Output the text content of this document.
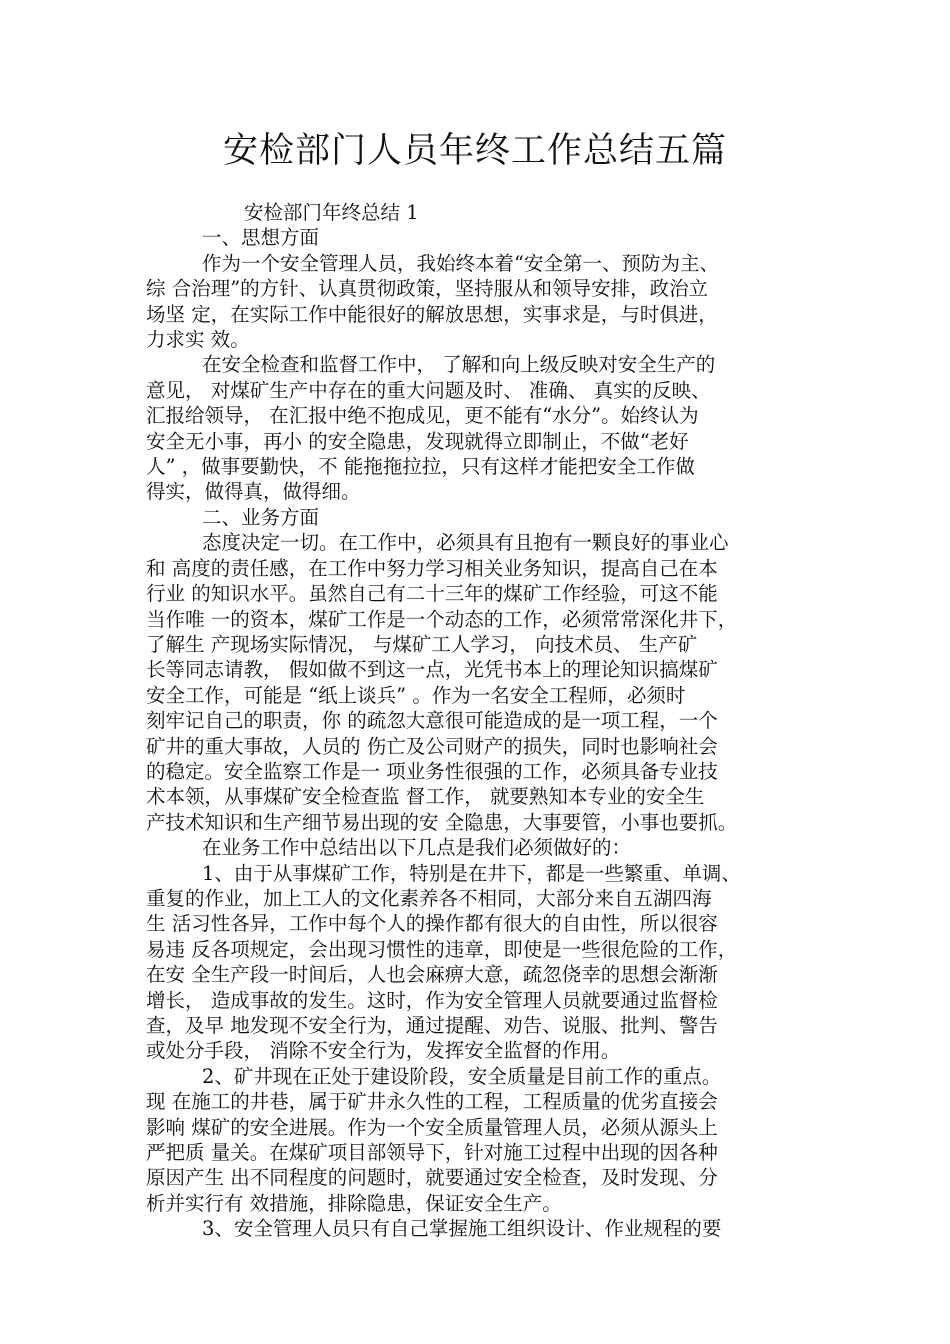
安检部门人员年终工作总结五篇

安检部门年终总结 1

一、思想方面

作为一个安全管理人员，我始终本着“安全第一、预防为主、

综 合治理”的方针、认真贯彻政策，坚持服从和领导安排，政治立

场坚 定，在实际工作中能很好的解放思想，实事求是，与时俱进，

力求实 效。

在安全检查和监督工作中， 了解和向上级反映对安全生产的

意见， 对煤矿生产中存在的重大问题及时、 准确、 真实的反映、

汇报给领导， 在汇报中绝不抱成见，更不能有“水分”。始终认为

安全无小事，再小 的安全隐患，发现就得立即制止，不做“老好

人” ，做事要勤快，不 能拖拖拉拉，只有这样才能把安全工作做

得实，做得真，做得细。

二、业务方面

态度决定一切。在工作中，必须具有且抱有一颗良好的事业心

和 高度的责任感，在工作中努力学习相关业务知识，提高自己在本

行业 的知识水平。虽然自己有二十三年的煤矿工作经验，可这不能

当作唯 一的资本，煤矿工作是一个动态的工作，必须常常深化井下，

了解生 产现场实际情况， 与煤矿工人学习， 向技术员、 生产矿

长等同志请教， 假如做不到这一点，光凭书本上的理论知识搞煤矿

安全工作，可能是 “纸上谈兵” 。作为一名安全工程师，必须时

刻牢记自己的职责，你 的疏忽大意很可能造成的是一项工程，一个

矿井的重大事故，人员的 伤亡及公司财产的损失，同时也影响社会

的稳定。安全监察工作是一 项业务性很强的工作，必须具备专业技

术本领，从事煤矿安全检查监 督工作， 就要熟知本专业的安全生

产技术知识和生产细节易出现的安 全隐患，大事要管，小事也要抓。

在业务工作中总结出以下几点是我们必须做好的：

1、由于从事煤矿工作，特别是在井下，都是一些繁重、单调、

重复的作业，加上工人的文化素养各不相同，大部分来自五湖四海

生 活习性各异，工作中每个人的操作都有很大的自由性，所以很容

易违 反各项规定，会出现习惯性的违章，即使是一些很危险的工作，

在安 全生产段一时间后，人也会麻痹大意，疏忽侥幸的思想会渐渐

增长， 造成事故的发生。这时，作为安全管理人员就要通过监督检

查，及早 地发现不安全行为，通过提醒、劝告、说服、批判、警告

或处分手段， 消除不安全行为，发挥安全监督的作用。

2、矿井现在正处于建设阶段，安全质量是目前工作的重点。

现 在施工的井巷，属于矿井永久性的工程，工程质量的优劣直接会

影响 煤矿的安全进展。作为一个安全质量管理人员，必须从源头上

严把质 量关。在煤矿项目部领导下，针对施工过程中出现的因各种

原因产生 出不同程度的问题时，就要通过安全检查，及时发现、分

析并实行有 效措施，排除隐患，保证安全生产。

3、安全管理人员只有自己掌握施工组织设计、作业规程的要
